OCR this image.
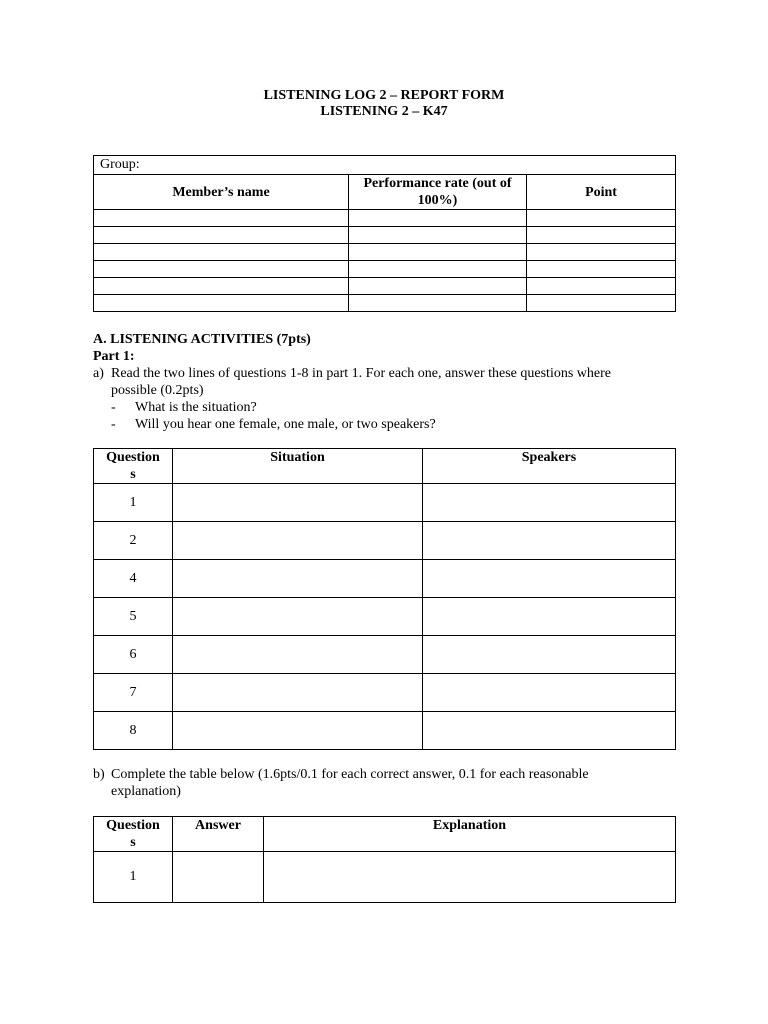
LISTENING LOG 2 – REPORT FORM
LISTENING 2 – K47
Group:		
Member’s name	Performance rate (out of 100%)	Point

A. LISTENING ACTIVITIES (7pts)
Part 1:
a) Read the two lines of questions 1-8 in part 1. For each one, answer these questions where
possible (0.2pts)
- What is the situation?
- Will you hear one female, one male, or two speakers?
Question
s	Situation	Speakers
1		
2		
4		
5		
6		
7		
8		
b) Complete the table below (1.6pts/0.1 for each correct answer, 0.1 for each reasonable
explanation)
Question
s	Answer	Explanation
1		
